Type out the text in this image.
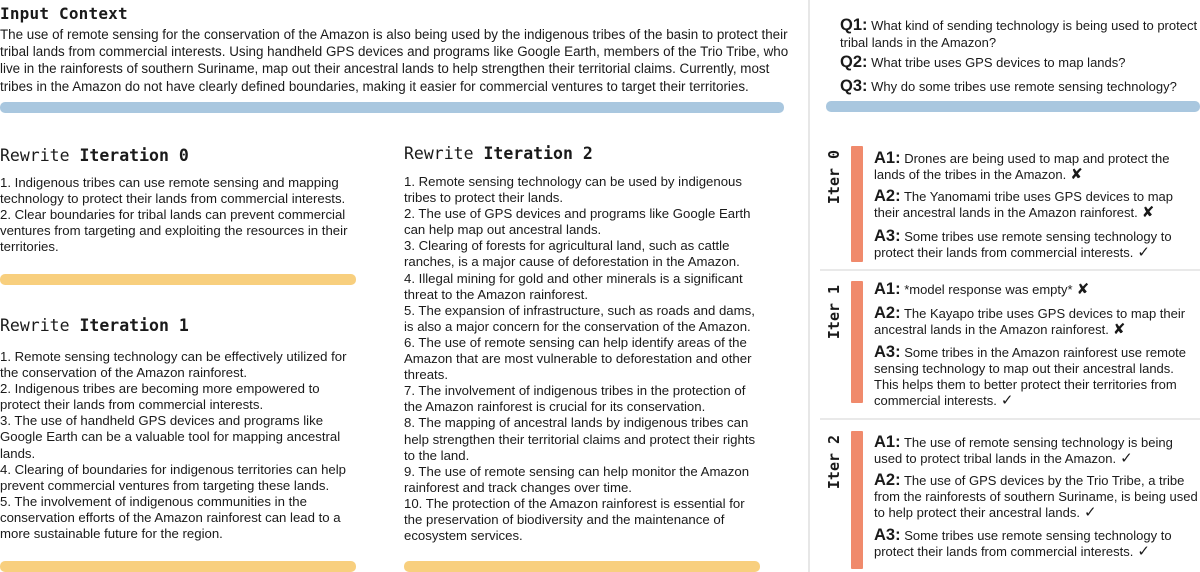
Input Context
The use of remote sensing for the conservation of the Amazon is also being used by the indigenous tribes of the basin to protect their tribal lands from commercial interests. Using handheld GPS devices and programs like Google Earth, members of the Trio Tribe, who live in the rainforests of southern Suriname, map out their ancestral lands to help strengthen their territorial claims. Currently, most tribes in the Amazon do not have clearly defined boundaries, making it easier for commercial ventures to target their territories.
Rewrite Iteration 0
1. Indigenous tribes can use remote sensing and mapping technology to protect their lands from commercial interests.
2. Clear boundaries for tribal lands can prevent commercial ventures from targeting and exploiting the resources in their territories.
Rewrite Iteration 1
1. Remote sensing technology can be effectively utilized for the conservation of the Amazon rainforest.
2. Indigenous tribes are becoming more empowered to protect their lands from commercial interests.
3. The use of handheld GPS devices and programs like Google Earth can be a valuable tool for mapping ancestral lands.
4. Clearing of boundaries for indigenous territories can help prevent commercial ventures from targeting these lands.
5. The involvement of indigenous communities in the conservation efforts of the Amazon rainforest can lead to a more sustainable future for the region.
Rewrite Iteration 2
1. Remote sensing technology can be used by indigenous tribes to protect their lands.
2. The use of GPS devices and programs like Google Earth can help map out ancestral lands.
3. Clearing of forests for agricultural land, such as cattle ranches, is a major cause of deforestation in the Amazon.
4. Illegal mining for gold and other minerals is a significant threat to the Amazon rainforest.
5. The expansion of infrastructure, such as roads and dams, is also a major concern for the conservation of the Amazon.
6. The use of remote sensing can help identify areas of the Amazon that are most vulnerable to deforestation and other threats.
7. The involvement of indigenous tribes in the protection of the Amazon rainforest is crucial for its conservation.
8. The mapping of ancestral lands by indigenous tribes can help strengthen their territorial claims and protect their rights to the land.
9. The use of remote sensing can help monitor the Amazon rainforest and track changes over time.
10. The protection of the Amazon rainforest is essential for the preservation of biodiversity and the maintenance of ecosystem services.
Q1: What kind of sending technology is being used to protect tribal lands in the Amazon?
Q2: What tribe uses GPS devices to map lands?
Q3: Why do some tribes use remote sensing technology?
Iter 0 A1: Drones are being used to map and protect the lands of the tribes in the Amazon. ✘
A2: The Yanomami tribe uses GPS devices to map their ancestral lands in the Amazon rainforest. ✘
A3: Some tribes use remote sensing technology to protect their lands from commercial interests. ✓
Iter 1 A1: *model response was empty* ✘
A2: The Kayapo tribe uses GPS devices to map their ancestral lands in the Amazon rainforest. ✘
A3: Some tribes in the Amazon rainforest use remote sensing technology to map out their ancestral lands. This helps them to better protect their territories from commercial interests. ✓
Iter 2 A1: The use of remote sensing technology is being used to protect tribal lands in the Amazon. ✓
A2: The use of GPS devices by the Trio Tribe, a tribe from the rainforests of southern Suriname, is being used to help protect their ancestral lands. ✓
A3: Some tribes use remote sensing technology to protect their lands from commercial interests. ✓
